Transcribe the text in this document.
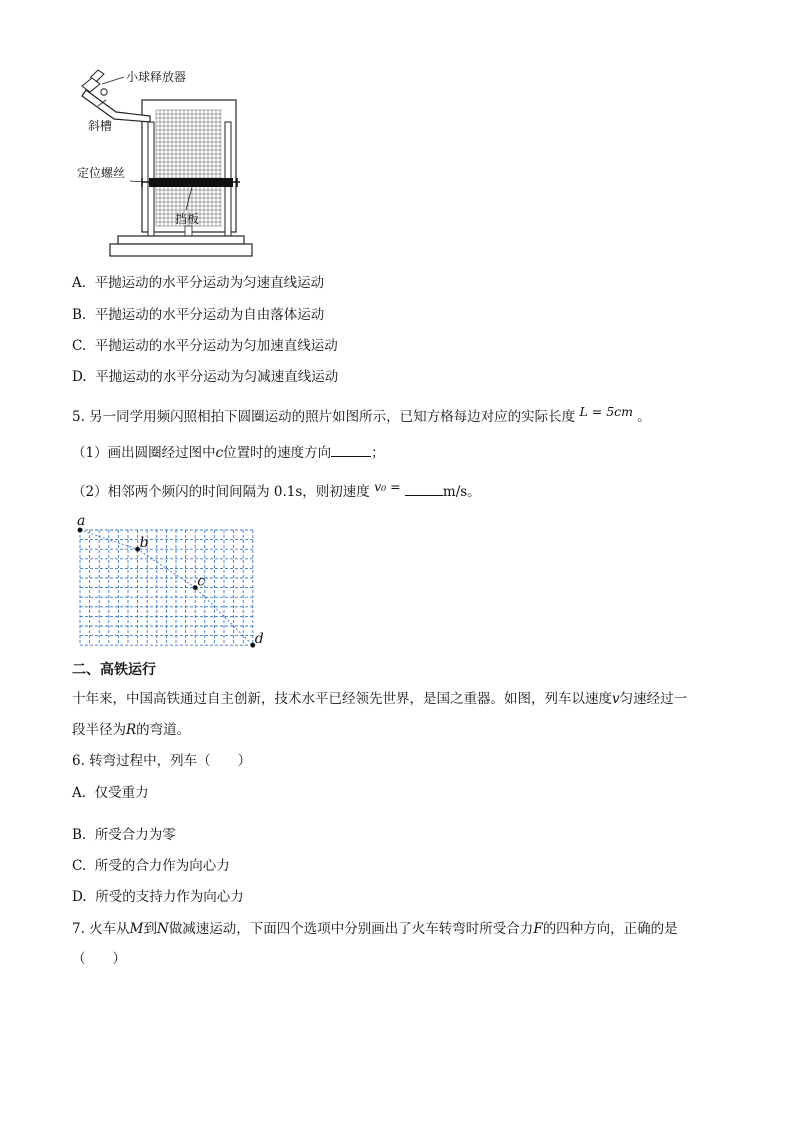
小球释放器
斜槽
定位螺丝
挡板
A. 平抛运动的水平分运动为匀速直线运动
B. 平抛运动的水平分运动为自由落体运动
C. 平抛运动的水平分运动为匀加速直线运动
D. 平抛运动的水平分运动为匀减速直线运动
5. 另一同学用频闪照相拍下圆圈运动的照片如图所示，已知方格每边对应的实际长度 L = 5cm 。
（1）画出圆圈经过图中c位置时的速度方向	；
（2）相邻两个频闪的时间间隔为 0.1s，则初速度 v₀ =	m/s。
a
b
c
d
二、高铁运行
十年来，中国高铁通过自主创新，技术水平已经领先世界，是国之重器。如图，列车以速度v匀速经过一
段半径为R的弯道。
6. 转弯过程中，列车（　　）
A. 仅受重力
B. 所受合力为零
C. 所受的合力作为向心力
D. 所受的支持力作为向心力
7. 火车从M到N做减速运动，下面四个选项中分别画出了火车转弯时所受合力F的四种方向，正确的是
（　　）
